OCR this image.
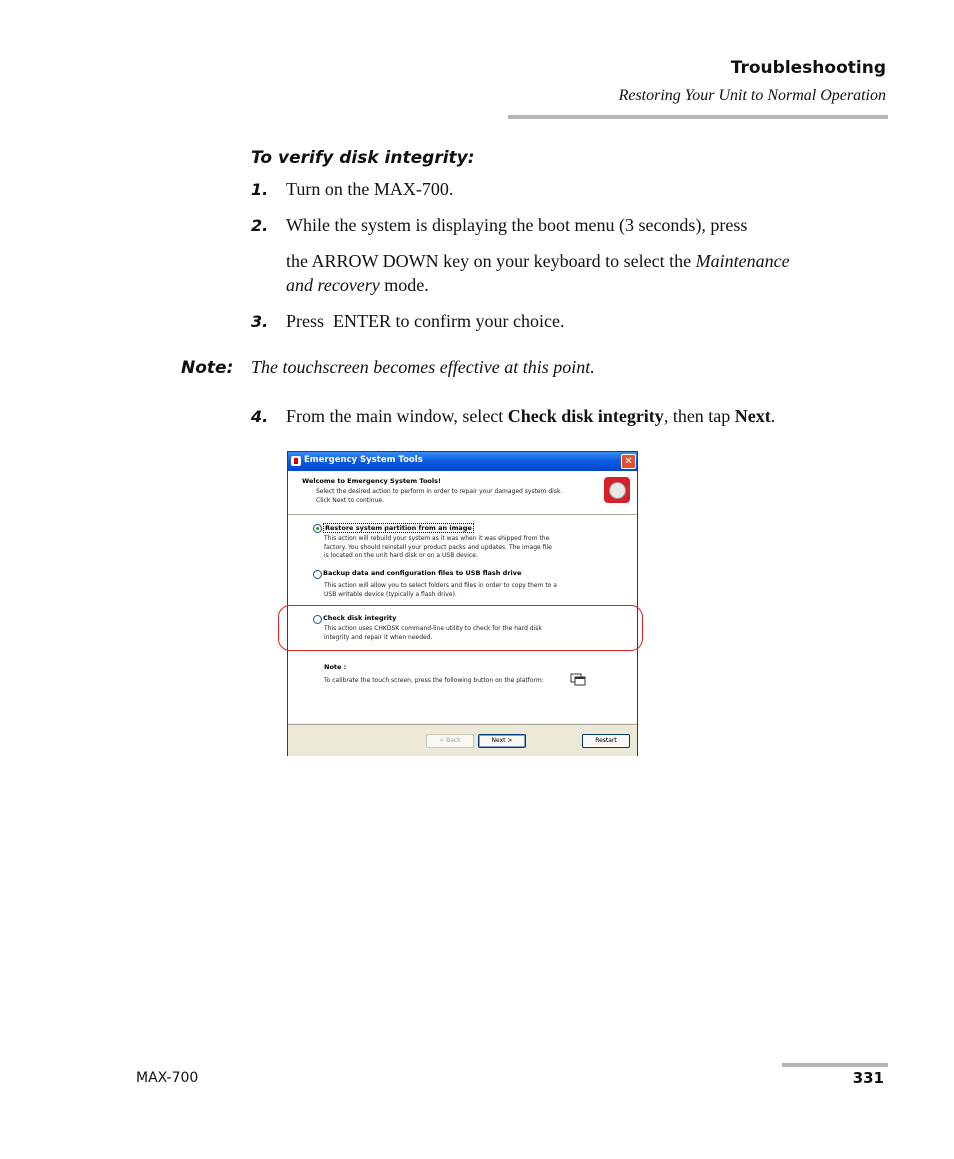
Troubleshooting
Restoring Your Unit to Normal Operation
To verify disk integrity:
1. Turn on the MAX-700.
2. While the system is displaying the boot menu (3 seconds), press
the ARROW DOWN key on your keyboard to select the Maintenance
and recovery mode.
3. Press  ENTER to confirm your choice.
Note: The touchscreen becomes effective at this point.
4. From the main window, select Check disk integrity, then tap Next.
Emergency System Tools	✕
Welcome to Emergency System Tools!
Select the desired action to perform in order to repair your damaged system disk.
Click Next to continue.
Restore system partition from an image
This action will rebuild your system as it was when it was shipped from the
factory. You should reinstall your product packs and updates. The image file
is located on the unit hard disk or on a USB device.
Backup data and configuration files to USB flash drive
This action will allow you to select folders and files in order to copy them to a
USB writable device (typically a flash drive).
Check disk integrity
This action uses CHKDSK command-line utility to check for the hard disk
integrity and repair it when needed.
Note :
To calibrate the touch screen, press the following button on the platform:
< Back	Next >	Restart
MAX-700	331
